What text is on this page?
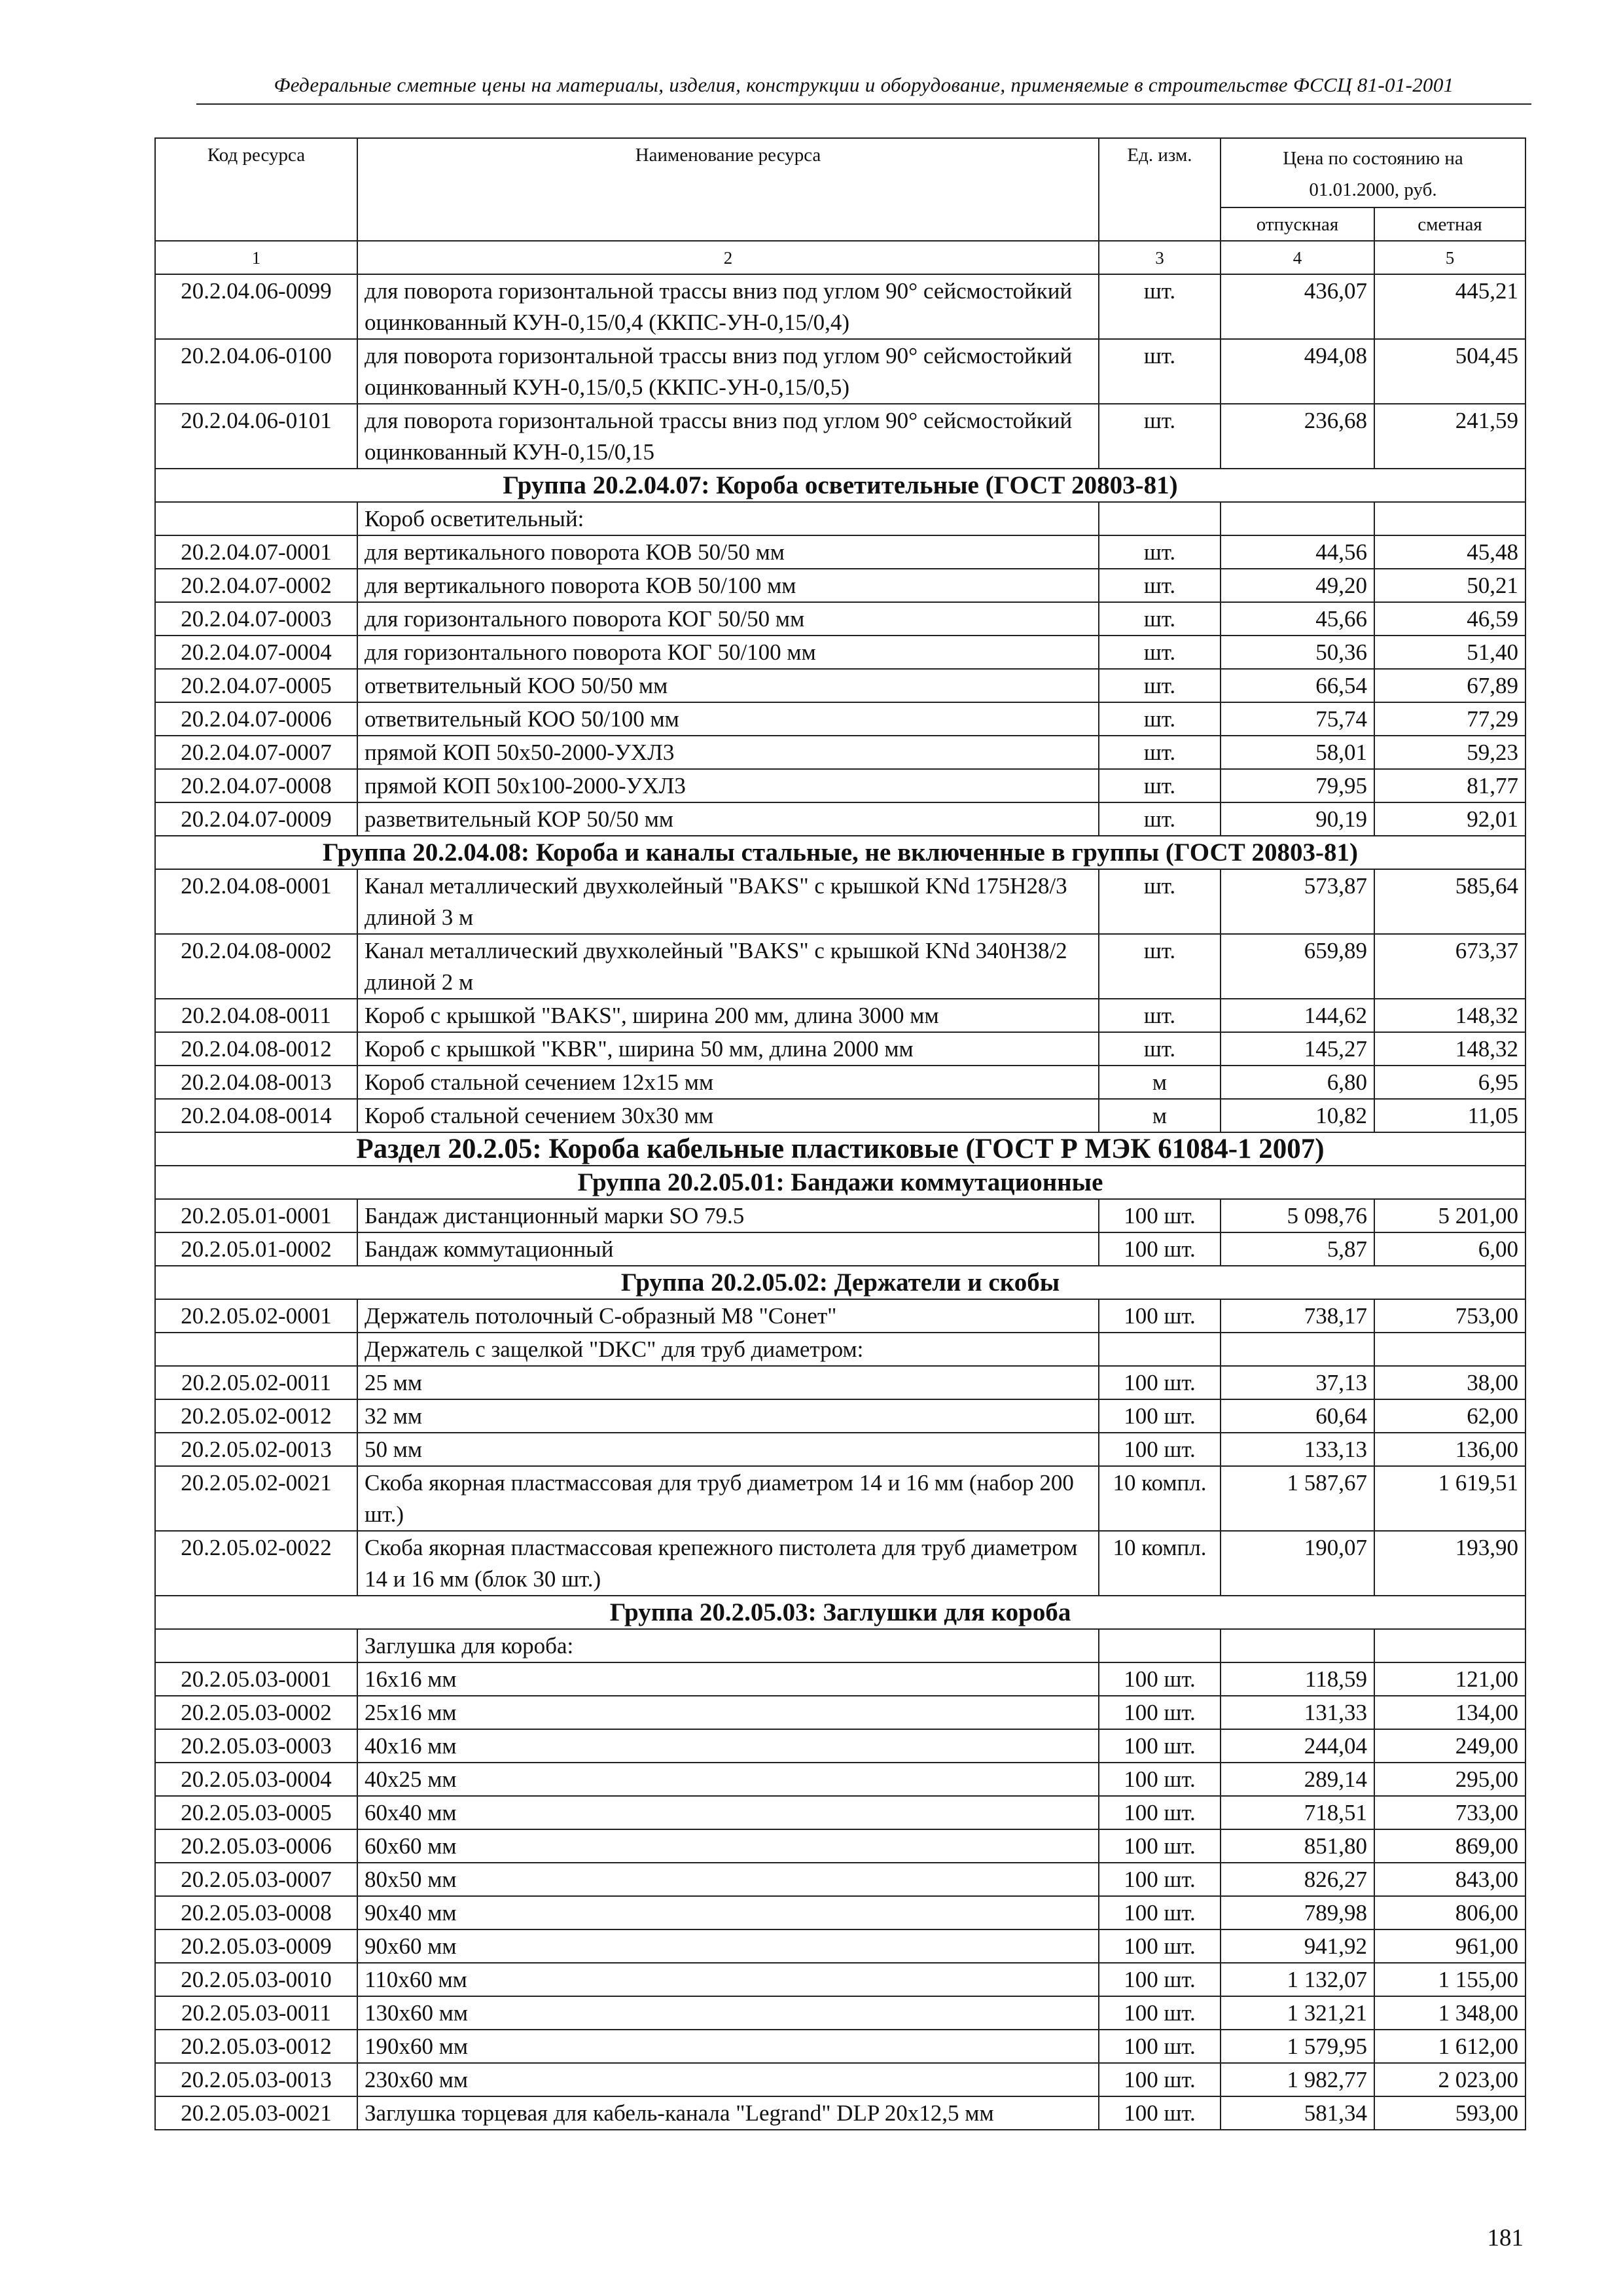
Федеральные сметные цены на материалы, изделия, конструкции и оборудование, применяемые в строительстве ФССЦ 81-01-2001
Код ресурса	Наименование ресурса	Ед. изм.	Цена по состоянию на 01.01.2000, руб.	
			отпускная	сметная
1	2	3	4	5
20.2.04.06-0099	для поворота горизонтальной трассы вниз под углом 90° сейсмостойкий оцинкованный КУН-0,15/0,4 (ККПС-УН-0,15/0,4)	шт.	436,07	445,21
20.2.04.06-0100	для поворота горизонтальной трассы вниз под углом 90° сейсмостойкий оцинкованный КУН-0,15/0,5 (ККПС-УН-0,15/0,5)	шт.	494,08	504,45
20.2.04.06-0101	для поворота горизонтальной трассы вниз под углом 90° сейсмостойкий оцинкованный КУН-0,15/0,15	шт.	236,68	241,59
Группа 20.2.04.07: Короба осветительные (ГОСТ 20803-81)				
	Короб осветительный:			
20.2.04.07-0001	для вертикального поворота КОВ 50/50 мм	шт.	44,56	45,48
20.2.04.07-0002	для вертикального поворота КОВ 50/100 мм	шт.	49,20	50,21
20.2.04.07-0003	для горизонтального поворота КОГ 50/50 мм	шт.	45,66	46,59
20.2.04.07-0004	для горизонтального поворота КОГ 50/100 мм	шт.	50,36	51,40
20.2.04.07-0005	ответвительный КОО 50/50 мм	шт.	66,54	67,89
20.2.04.07-0006	ответвительный КОО 50/100 мм	шт.	75,74	77,29
20.2.04.07-0007	прямой КОП 50х50-2000-УХЛ3	шт.	58,01	59,23
20.2.04.07-0008	прямой КОП 50х100-2000-УХЛ3	шт.	79,95	81,77
20.2.04.07-0009	разветвительный КОР 50/50 мм	шт.	90,19	92,01
Группа 20.2.04.08: Короба и каналы стальные, не включенные в группы (ГОСТ 20803-81)				
20.2.04.08-0001	Канал металлический двухколейный "BAKS" с крышкой KNd 175H28/3 длиной 3 м	шт.	573,87	585,64
20.2.04.08-0002	Канал металлический двухколейный "BAKS" с крышкой KNd 340H38/2 длиной 2 м	шт.	659,89	673,37
20.2.04.08-0011	Короб с крышкой "BAKS", ширина 200 мм, длина 3000 мм	шт.	144,62	148,32
20.2.04.08-0012	Короб с крышкой "KBR", ширина 50 мм, длина 2000 мм	шт.	145,27	148,32
20.2.04.08-0013	Короб стальной сечением 12х15 мм	м	6,80	6,95
20.2.04.08-0014	Короб стальной сечением 30х30 мм	м	10,82	11,05
Раздел 20.2.05: Короба кабельные пластиковые (ГОСТ Р МЭК 61084-1 2007)				
Группа 20.2.05.01: Бандажи коммутационные				
20.2.05.01-0001	Бандаж дистанционный марки SO 79.5	100 шт.	5 098,76	5 201,00
20.2.05.01-0002	Бандаж коммутационный	100 шт.	5,87	6,00
Группа 20.2.05.02: Держатели и скобы				
20.2.05.02-0001	Держатель потолочный С-образный М8 "Сонет"	100 шт.	738,17	753,00
	Держатель с защелкой "DKC" для труб диаметром:			
20.2.05.02-0011	25 мм	100 шт.	37,13	38,00
20.2.05.02-0012	32 мм	100 шт.	60,64	62,00
20.2.05.02-0013	50 мм	100 шт.	133,13	136,00
20.2.05.02-0021	Скоба якорная пластмассовая для труб диаметром 14 и 16 мм (набор 200 шт.)	10 компл.	1 587,67	1 619,51
20.2.05.02-0022	Скоба якорная пластмассовая крепежного пистолета для труб диаметром 14 и 16 мм (блок 30 шт.)	10 компл.	190,07	193,90
Группа 20.2.05.03: Заглушки для короба				
	Заглушка для короба:			
20.2.05.03-0001	16х16 мм	100 шт.	118,59	121,00
20.2.05.03-0002	25х16 мм	100 шт.	131,33	134,00
20.2.05.03-0003	40х16 мм	100 шт.	244,04	249,00
20.2.05.03-0004	40х25 мм	100 шт.	289,14	295,00
20.2.05.03-0005	60х40 мм	100 шт.	718,51	733,00
20.2.05.03-0006	60х60 мм	100 шт.	851,80	869,00
20.2.05.03-0007	80х50 мм	100 шт.	826,27	843,00
20.2.05.03-0008	90х40 мм	100 шт.	789,98	806,00
20.2.05.03-0009	90х60 мм	100 шт.	941,92	961,00
20.2.05.03-0010	110х60 мм	100 шт.	1 132,07	1 155,00
20.2.05.03-0011	130х60 мм	100 шт.	1 321,21	1 348,00
20.2.05.03-0012	190х60 мм	100 шт.	1 579,95	1 612,00
20.2.05.03-0013	230х60 мм	100 шт.	1 982,77	2 023,00
20.2.05.03-0021	Заглушка торцевая для кабель-канала "Legrand" DLP 20х12,5 мм	100 шт.	581,34	593,00
181
